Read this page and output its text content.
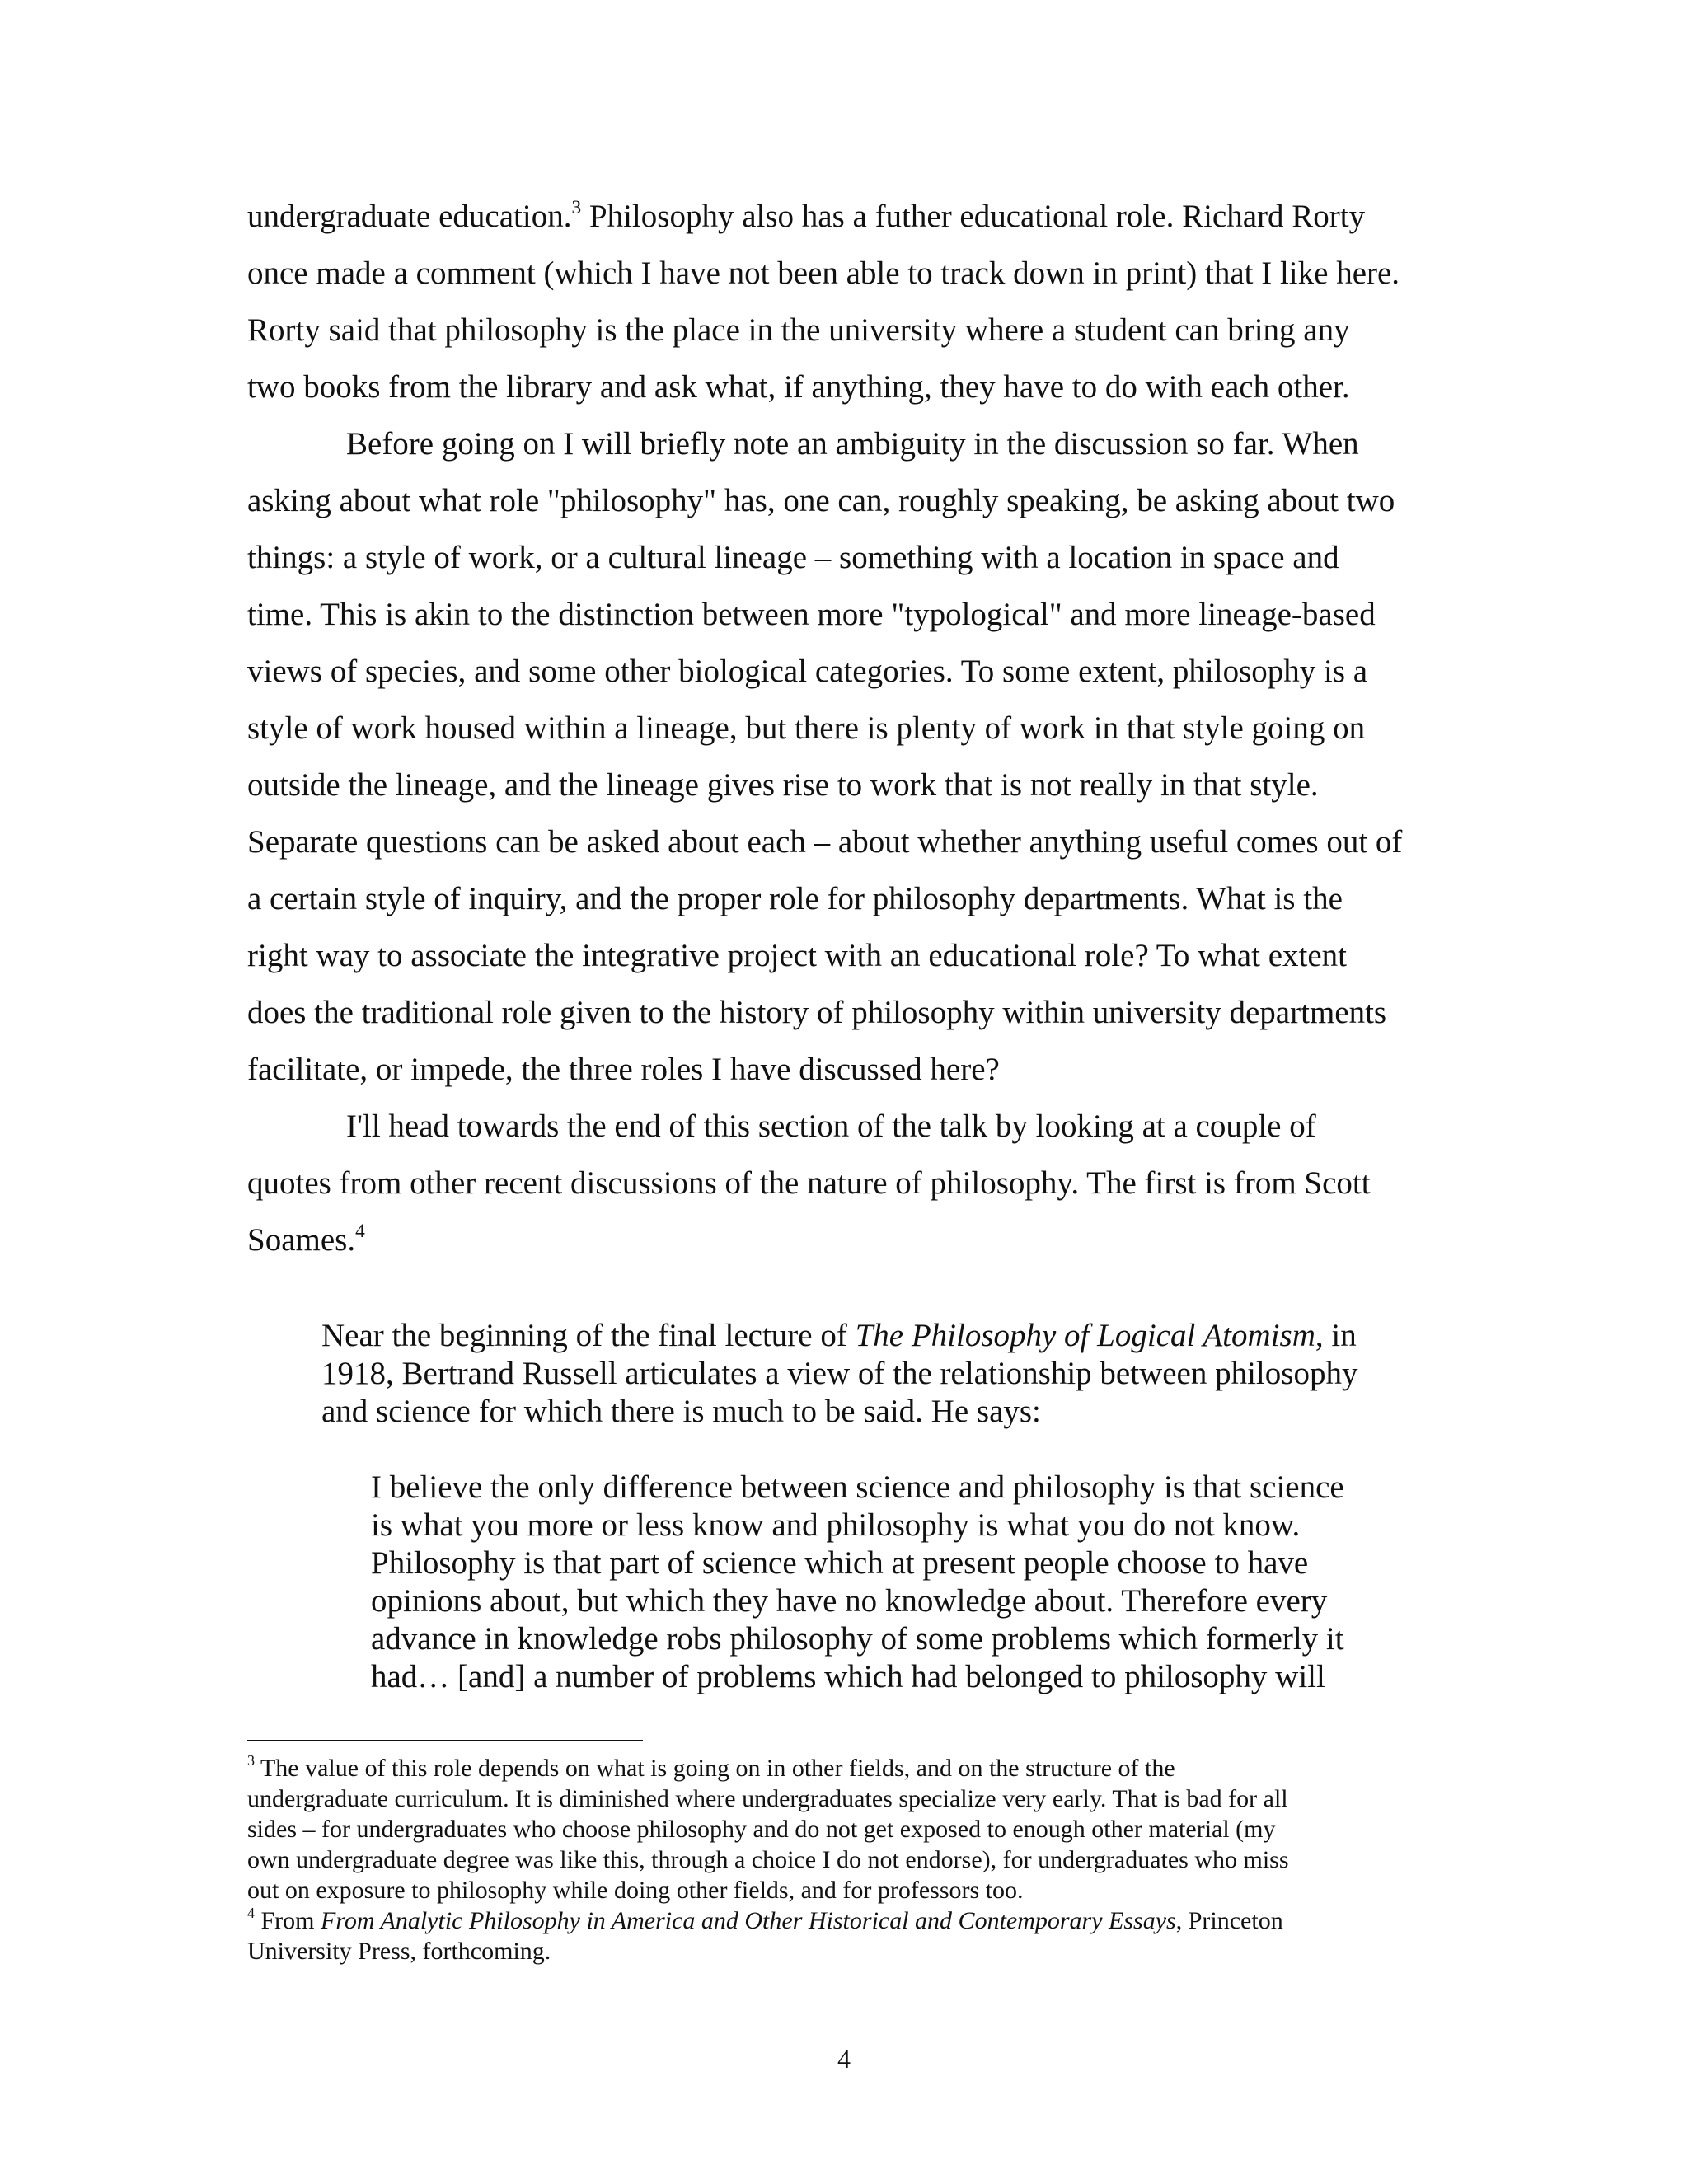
undergraduate education.$^3$ Philosophy also has a futher educational role. Richard Rorty

once made a comment (which I have not been able to track down in print) that I like here.

Rorty said that philosophy is the place in the university where a student can bring any

two books from the library and ask what, if anything, they have to do with each other.

Before going on I will briefly note an ambiguity in the discussion so far. When

asking about what role "philosophy" has, one can, roughly speaking, be asking about two

things: a style of work, or a cultural lineage – something with a location in space and

time. This is akin to the distinction between more "typological" and more lineage-based

views of species, and some other biological categories. To some extent, philosophy is a

style of work housed within a lineage, but there is plenty of work in that style going on

outside the lineage, and the lineage gives rise to work that is not really in that style.

Separate questions can be asked about each – about whether anything useful comes out of

a certain style of inquiry, and the proper role for philosophy departments. What is the

right way to associate the integrative project with an educational role? To what extent

does the traditional role given to the history of philosophy within university departments

facilitate, or impede, the three roles I have discussed here?

I'll head towards the end of this section of the talk by looking at a couple of

quotes from other recent discussions of the nature of philosophy. The first is from Scott

Soames.$^4$

Near the beginning of the final lecture of The Philosophy of Logical Atomism, in

1918, Bertrand Russell articulates a view of the relationship between philosophy

and science for which there is much to be said. He says:

I believe the only difference between science and philosophy is that science

is what you more or less know and philosophy is what you do not know.

Philosophy is that part of science which at present people choose to have

opinions about, but which they have no knowledge about. Therefore every

advance in knowledge robs philosophy of some problems which formerly it

had… [and] a number of problems which had belonged to philosophy will

$^3$ The value of this role depends on what is going on in other fields, and on the structure of the

undergraduate curriculum. It is diminished where undergraduates specialize very early. That is bad for all

sides – for undergraduates who choose philosophy and do not get exposed to enough other material (my

own undergraduate degree was like this, through a choice I do not endorse), for undergraduates who miss

out on exposure to philosophy while doing other fields, and for professors too.

$^4$ From From Analytic Philosophy in America and Other Historical and Contemporary Essays, Princeton

University Press, forthcoming.

4
